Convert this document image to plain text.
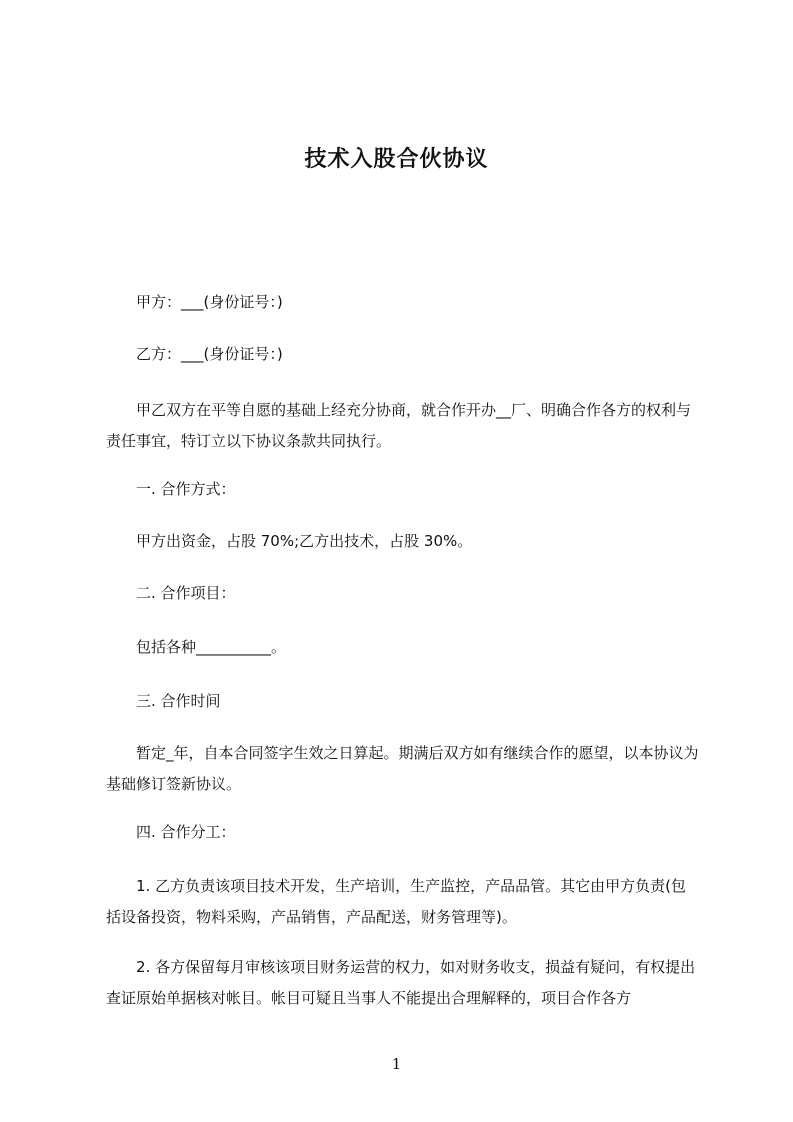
技术入股合伙协议
甲方：___(身份证号：)
乙方：___(身份证号：)
甲乙双方在平等自愿的基础上经充分协商，就合作开办__厂、明确合作各方的权利与责任事宜，特订立以下协议条款共同执行。
一. 合作方式：
甲方出资金，占股 70%;乙方出技术，占股 30%。
二. 合作项目：
包括各种__________。
三. 合作时间
暂定_年，自本合同签字生效之日算起。期满后双方如有继续合作的愿望，以本协议为基础修订签新协议。
四. 合作分工：
1. 乙方负责该项目技术开发，生产培训，生产监控，产品品管。其它由甲方负责(包括设备投资，物料采购，产品销售，产品配送，财务管理等)。
2. 各方保留每月审核该项目财务运营的权力，如对财务收支，损益有疑问，有权提出查证原始单据核对帐目。帐目可疑且当事人不能提出合理解释的，项目合作各方
1
